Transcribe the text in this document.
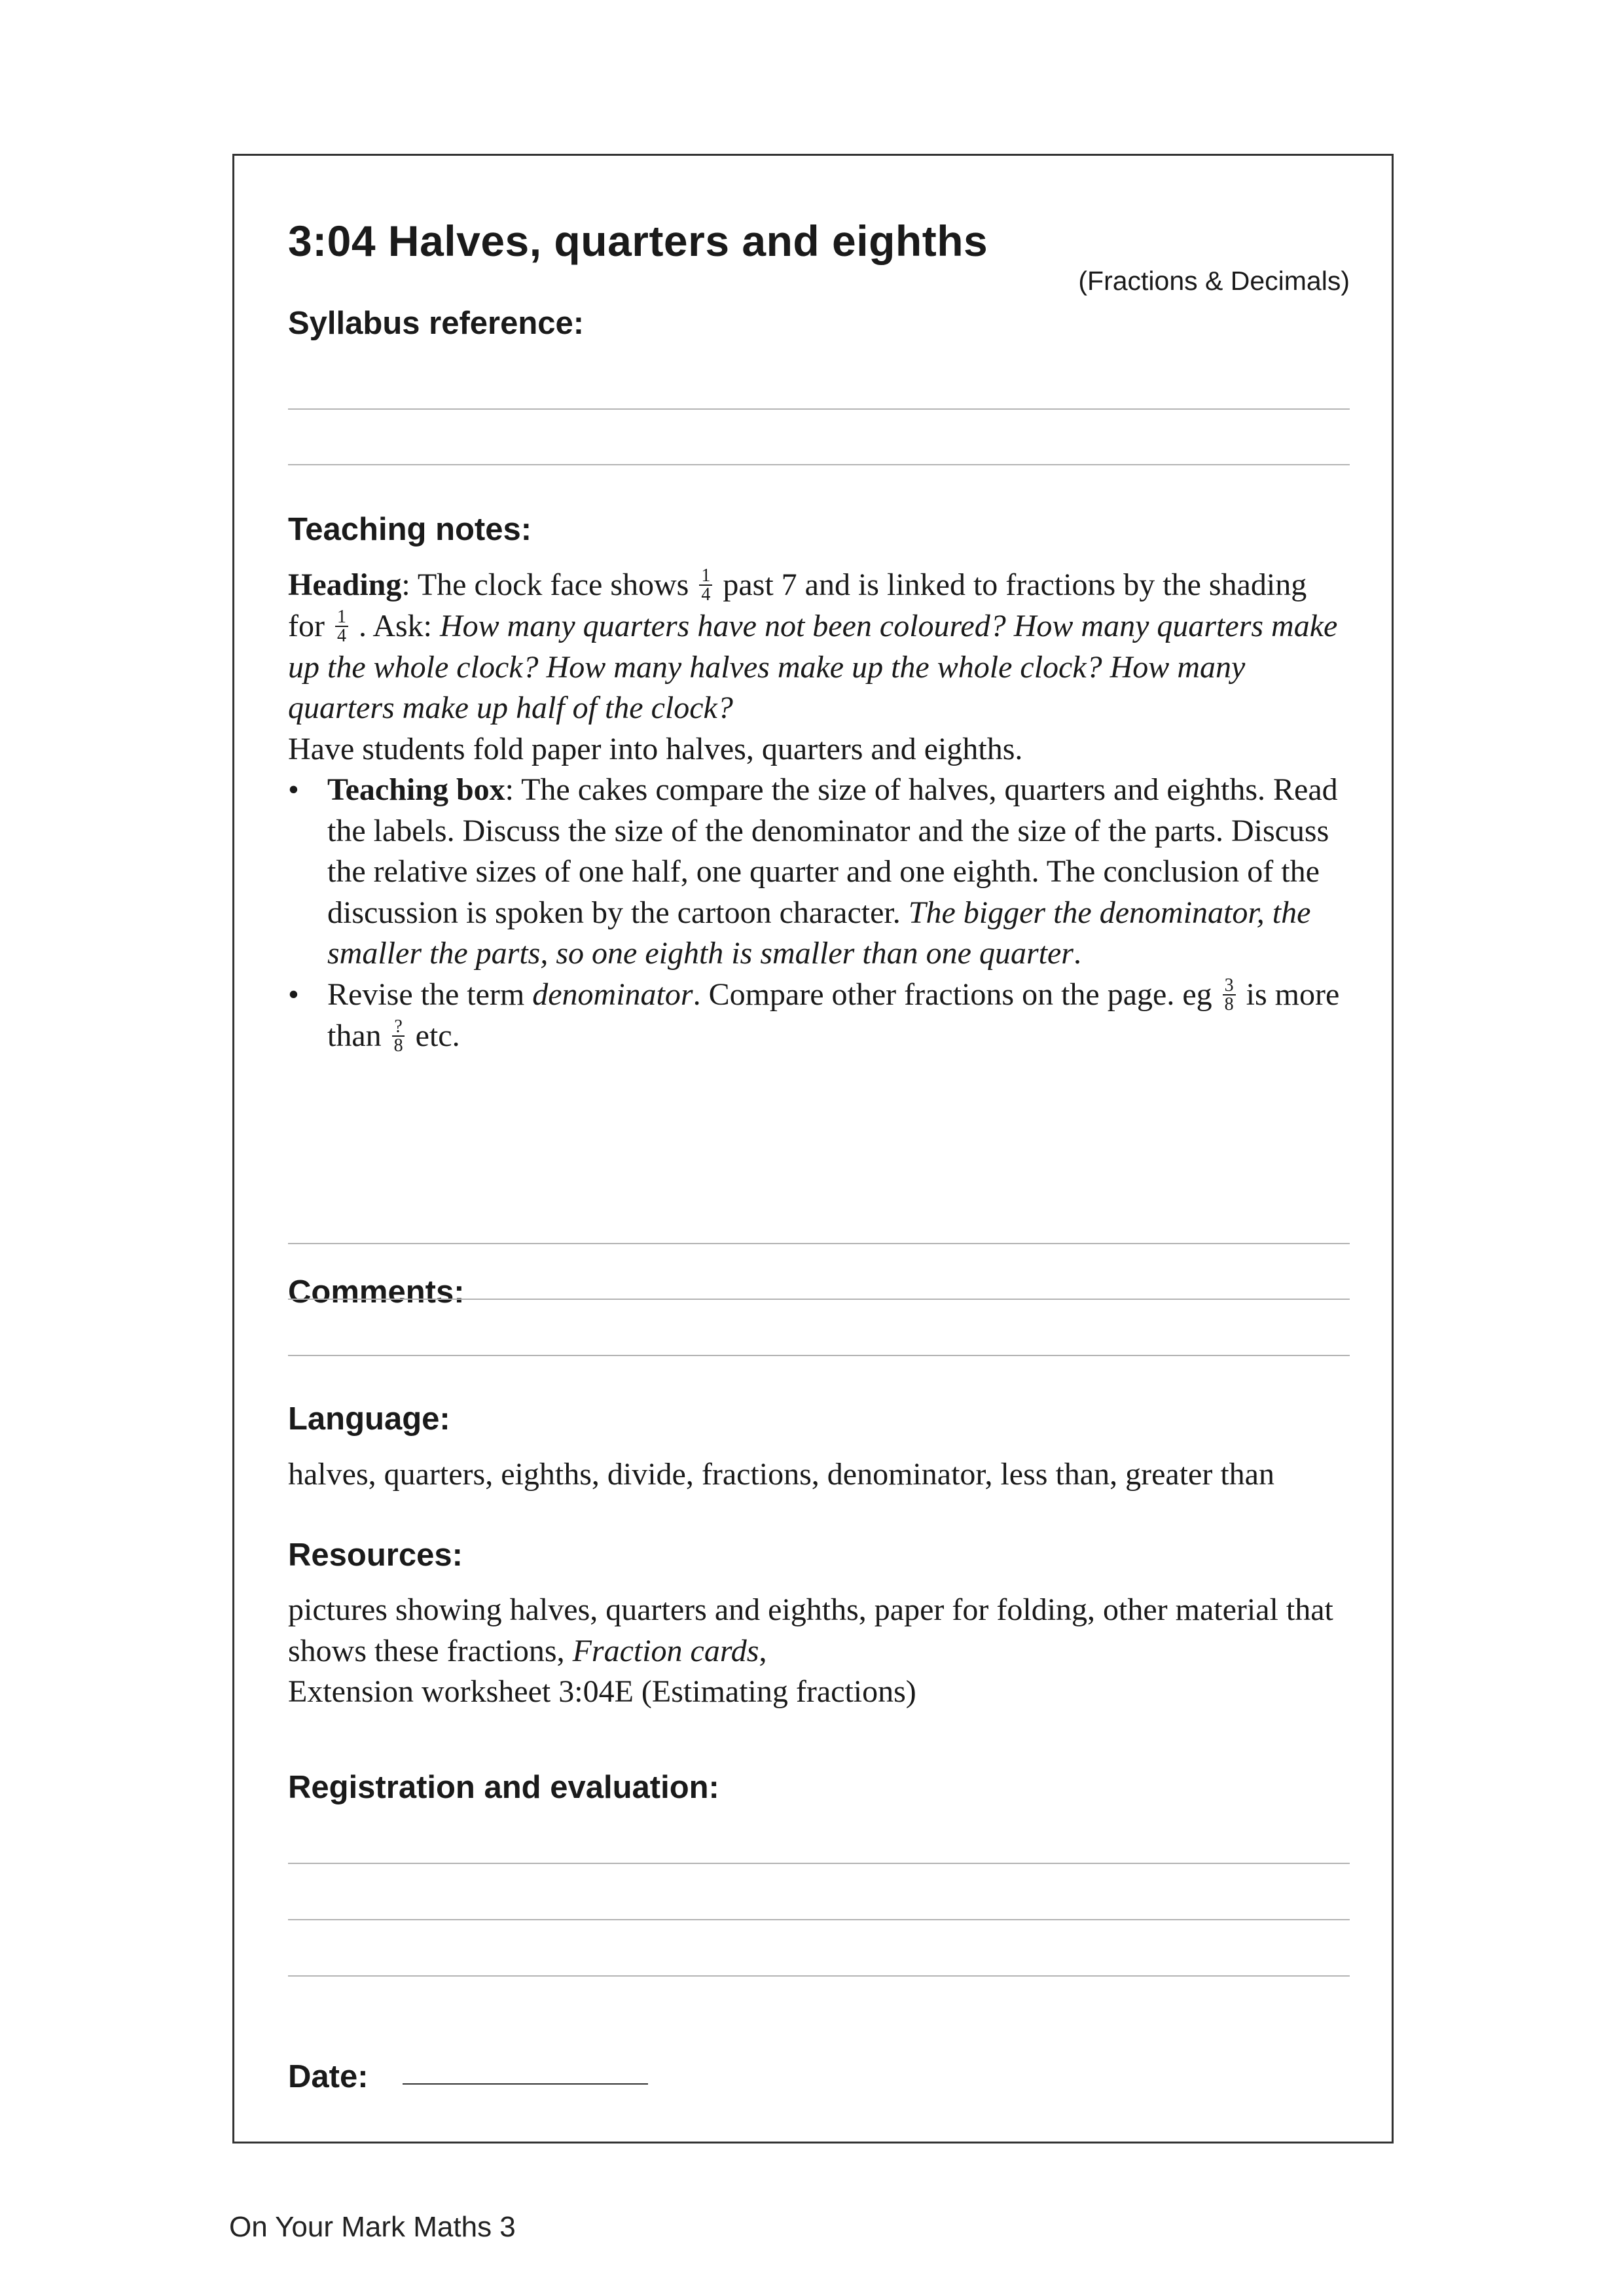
3:04 Halves, quarters and eighths
(Fractions & Decimals)
Syllabus reference:
Teaching notes:

Heading: The clock face shows $\frac{1}{4}$ past 7 and is linked to fractions by the shading for $\frac{1}{4}$ . Ask: How many quarters have not been coloured? How many quarters make up the whole clock? How many halves make up the whole clock? How many quarters make up half of the clock?

Have students fold paper into halves, quarters and eighths.

• Teaching box: The cakes compare the size of halves, quarters and eighths. Read the labels. Discuss the size of the denominator and the size of the parts. Discuss the relative sizes of one half, one quarter and one eighth. The conclusion of the discussion is spoken by the cartoon character. The bigger the denominator, the smaller the parts, so one eighth is smaller than one quarter.
• Revise the term denominator. Compare other fractions on the page. eg $\frac{3}{8}$ is more than $\frac{?}{8}$ etc.
Comments:
Language:
halves, quarters, eighths, divide, fractions, denominator, less than, greater than
Resources:

pictures showing halves, quarters and eighths, paper for folding, other material that shows these fractions, Fraction cards,

Extension worksheet 3:04E (Estimating fractions)

Registration and evaluation:
Date:
On Your Mark Maths 3
